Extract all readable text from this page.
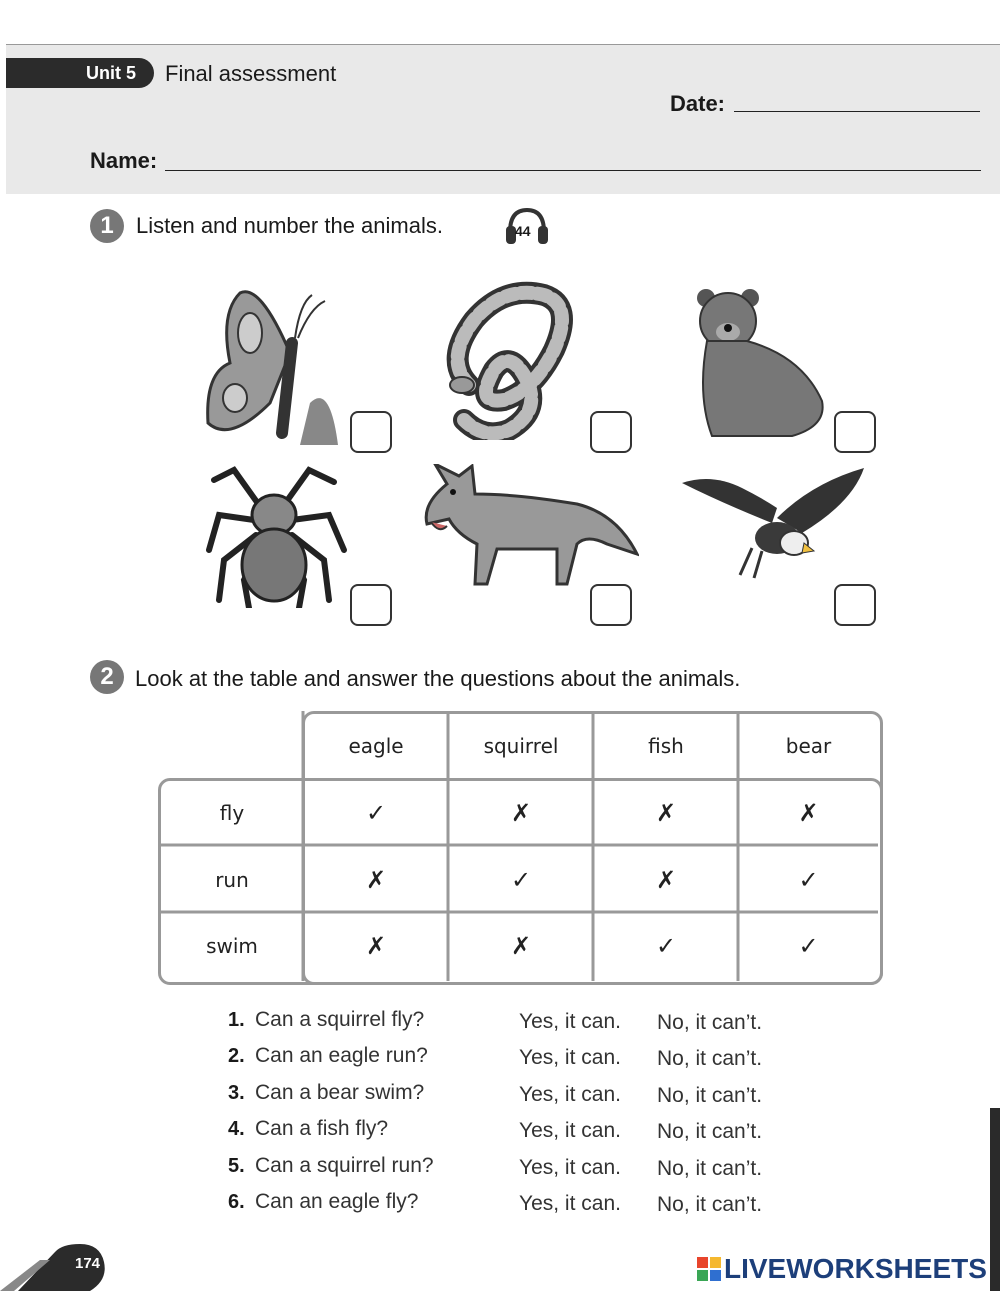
Unit 5 Final assessment
Date:
Name:
1	Listen and number the animals.	44
2 Look at the table and answer the questions about the animals.
eagle	squirrel	fish	bear
fly	✓	✗	✗	✗
run	✗	✓	✗	✓
swim	✗	✗	✓	✓
1. Can a squirrel fly?	Yes, it can. No, it can’t.
2. Can an eagle run?	Yes, it can. No, it can’t.
3. Can a bear swim?	Yes, it can. No, it can’t.
4. Can a fish fly?	Yes, it can. No, it can’t.
5. Can a squirrel run?	Yes, it can. No, it can’t.
6. Can an eagle fly?	Yes, it can. No, it can’t.
174	LIVEWORKSHEETS
